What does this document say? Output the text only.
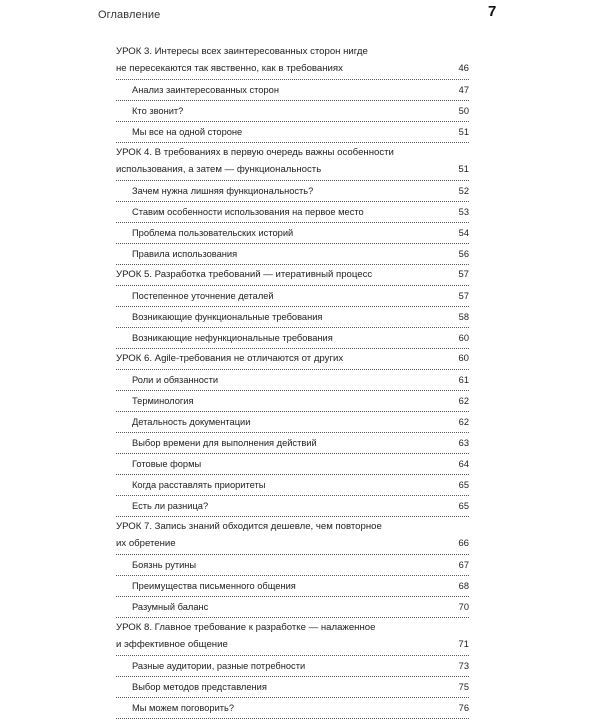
Оглавление	7
УРОК 3. Интересы всех заинтересованных сторон нигде
не пересекаются так явственно, как в требованиях	46
Анализ заинтересованных сторон	47
Кто звонит?	50
Мы все на одной стороне	51
УРОК 4. В требованиях в первую очередь важны особенности
использования, а затем — функциональность	51
Зачем нужна лишняя функциональность?	52
Ставим особенности использования на первое место	53
Проблема пользовательских историй	54
Правила использования	56
УРОК 5. Разработка требований — итеративный процесс	57
Постепенное уточнение деталей	57
Возникающие функциональные требования	58
Возникающие нефункциональные требования	60
УРОК 6. Agile-требования не отличаются от других	60
Роли и обязанности	61
Терминология	62
Детальность документации	62
Выбор времени для выполнения действий	63
Готовые формы	64
Когда расставлять приоритеты	65
Есть ли разница?	65
УРОК 7. Запись знаний обходится дешевле, чем повторное
их обретение	66
Боязнь рутины	67
Преимущества письменного общения	68
Разумный баланс	70
УРОК 8. Главное требование к разработке — налаженное
и эффективное общение	71
Разные аудитории, разные потребности	73
Выбор методов представления	75
Мы можем поговорить?	76
